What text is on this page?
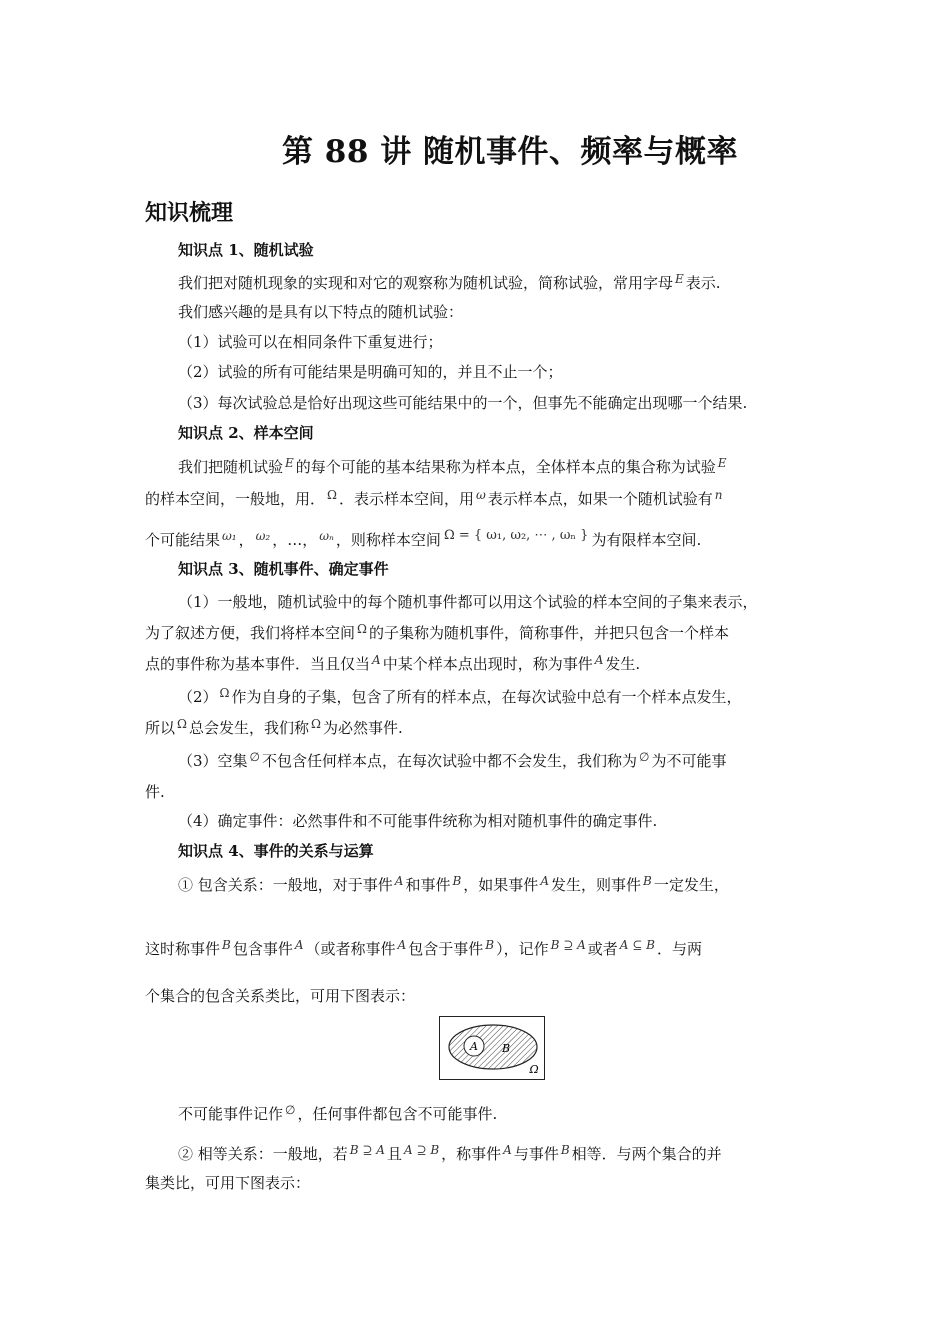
第 88 讲 随机事件、频率与概率
知识梳理
知识点 1、随机试验
我们把对随机现象的实现和对它的观察称为随机试验，简称试验，常用字母 $^E$ 表示.
我们感兴趣的是具有以下特点的随机试验：
（1）试验可以在相同条件下重复进行；
（2）试验的所有可能结果是明确可知的，并且不止一个；
（3）每次试验总是恰好出现这些可能结果中的一个，但事先不能确定出现哪一个结果.
知识点 2、样本空间
我们把随机试验 $^E$ 的每个可能的基本结果称为样本点，全体样本点的集合称为试验 $^E$
的样本空间，一般地，用． $^\Omega$ ．表示样本空间，用 $^\omega$ 表示样本点，如果一个随机试验有 $^n$
个可能结果 $^{\omega_1}$ ， $^{\omega_2}$ ，…， $^{\omega_n}$ ，则称样本空间 Ω = { ω₁, ω₂, ⋯ , ωₙ } 为有限样本空间.
知识点 3、随机事件、确定事件
（1）一般地，随机试验中的每个随机事件都可以用这个试验的样本空间的子集来表示，
为了叙述方便，我们将样本空间 $^\Omega$ 的子集称为随机事件，简称事件，并把只包含一个样本
点的事件称为基本事件．当且仅当 $^A$ 中某个样本点出现时，称为事件 $^A$ 发生.
（2） $^\Omega$ 作为自身的子集，包含了所有的样本点，在每次试验中总有一个样本点发生，
所以 $^\Omega$ 总会发生，我们称 $^\Omega$ 为必然事件.
（3）空集 ∅ 不包含任何样本点，在每次试验中都不会发生，我们称为 ∅ 为不可能事
件.
（4）确定事件：必然事件和不可能事件统称为相对随机事件的确定事件.
知识点 4、事件的关系与运算
① 包含关系：一般地，对于事件 $^A$ 和事件 $^B$ ，如果事件 $^A$ 发生，则事件 $^B$ 一定发生，
这时称事件 $^B$ 包含事件 $^A$ （或者称事件 $^A$ 包含于事件 $^B$ ），记作 $^{B ⊇ A}$ 或者 $^{A ⊆ B}$ ．与两
个集合的包含关系类比，可用下图表示：
A B
Ω
不可能事件记作 ∅ ，任何事件都包含不可能事件.
② 相等关系：一般地，若 $^{B ⊇ A}$ 且 $^{A ⊇ B}$ ，称事件 $^A$ 与事件 $^B$ 相等．与两个集合的并
集类比，可用下图表示：
